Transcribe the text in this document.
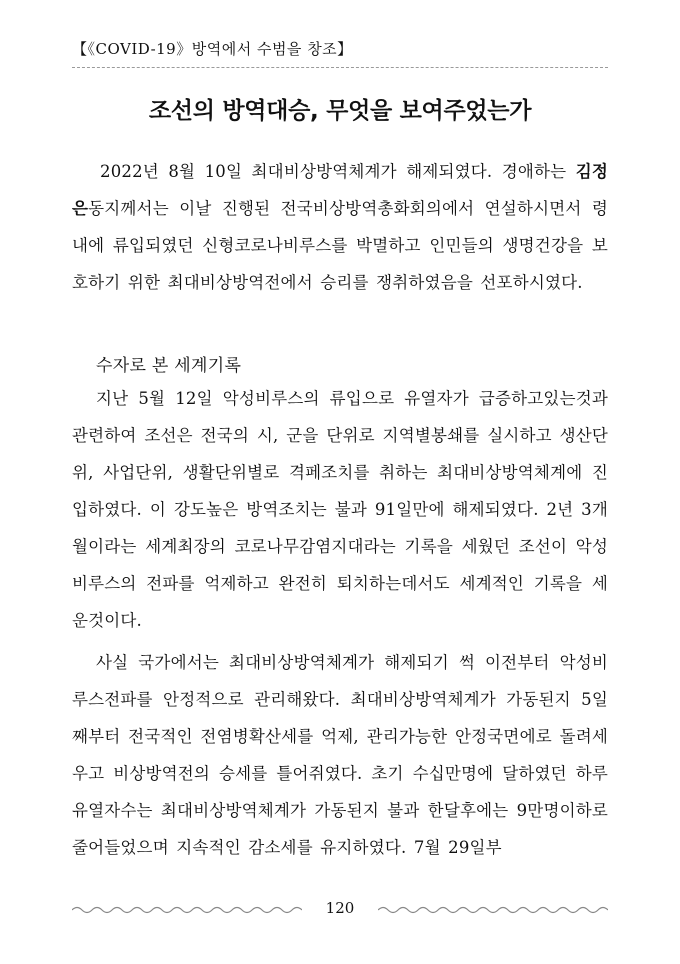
【《COVID-19》방역에서 수범을 창조】
조선의 방역대승, 무엇을 보여주었는가

2022년 8월 10일 최대비상방역체계가 해제되였다. 경애하는 김정은동지께서는 이날 진행된 전국비상방역총화회의에서 연설하시면서 령내에 류입되였던 신형코로나비루스를 박멸하고 인민들의 생명건강을 보호하기 위한 최대비상방역전에서 승리를 쟁취하였음을 선포하시였다.

수자로 본 세계기록

지난 5월 12일 악성비루스의 류입으로 유열자가 급증하고있는것과 관련하여 조선은 전국의 시, 군을 단위로 지역별봉쇄를 실시하고 생산단위, 사업단위, 생활단위별로 격페조치를 취하는 최대비상방역체계에 진입하였다. 이 강도높은 방역조치는 불과 91일만에 해제되였다. 2년 3개월이라는 세계최장의 코로나무감염지대라는 기록을 세웠던 조선이 악성비루스의 전파를 억제하고 완전히 퇴치하는데서도 세계적인 기록을 세운것이다.

사실 국가에서는 최대비상방역체계가 해제되기 썩 이전부터 악성비루스전파를 안정적으로 관리해왔다. 최대비상방역체계가 가동된지 5일째부터 전국적인 전염병확산세를 억제, 관리가능한 안정국면에로 돌려세우고 비상방역전의 승세를 틀어쥐였다. 초기 수십만명에 달하였던 하루유열자수는 최대비상방역체계가 가동된지 불과 한달후에는 9만명이하로 줄어들었으며 지속적인 감소세를 유지하였다. 7월 29일부

120
